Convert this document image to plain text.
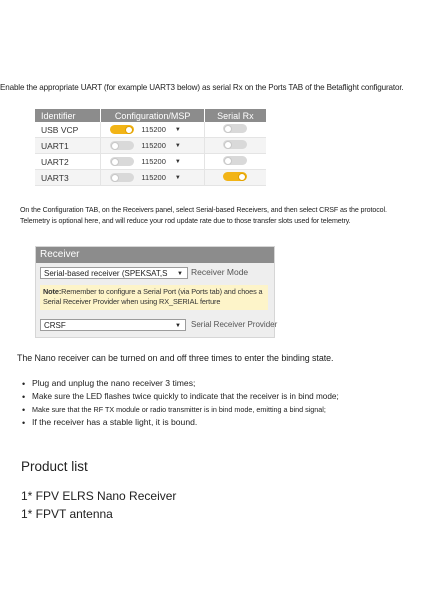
Enable the appropriate UART (for example UART3 below) as serial Rx on the Ports TAB of the Betaflight configurator.
Identifier	Configuration/MSP	Serial Rx
USB VCP	115200 ▼	

UART1	115200 ▼	

UART2	115200 ▼	

UART3	115200 ▼	

On the Configuration TAB, on the Receivers panel, select Serial-based Receivers, and then select CRSF as the protocol. Telemetry is optional here, and will reduce your rod update rate due to those transfer slots used for telemetry.
Receiver
Serial-based receiver (SPEKSAT,S ▼ Receiver Mode
Note:Remember to configure a Serial Port (via Ports tab) and choes a Serial Receiver Provider when using RX_SERIAL ferture
CRSF	▼ Serial Receiver Provider
The Nano receiver can be turned on and off three times to enter the binding state.
• Plug and unplug the nano receiver 3 times;
• Make sure the LED flashes twice quickly to indicate that the receiver is in bind mode;
• Make sure that the RF TX module or radio transmitter is in bind mode, emitting a bind signal;
• If the receiver has a stable light, it is bound.
Product list
1* FPV ELRS Nano Receiver
1* FPVT antenna
